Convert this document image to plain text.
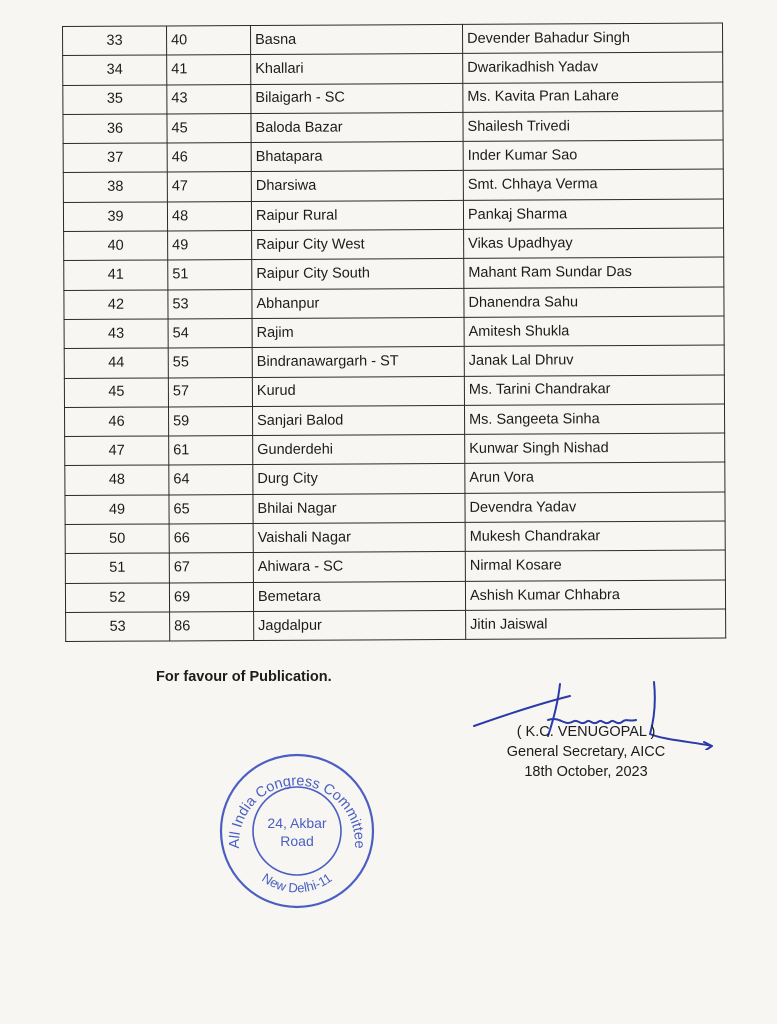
33	40	Basna	Devender Bahadur Singh
34	41	Khallari	Dwarikadhish Yadav
35	43	Bilaigarh - SC	Ms. Kavita Pran Lahare
36	45	Baloda Bazar	Shailesh Trivedi
37	46	Bhatapara	Inder Kumar Sao
38	47	Dharsiwa	Smt. Chhaya Verma
39	48	Raipur Rural	Pankaj Sharma
40	49	Raipur City West	Vikas Upadhyay
41	51	Raipur City South	Mahant Ram Sundar Das
42	53	Abhanpur	Dhanendra Sahu
43	54	Rajim	Amitesh Shukla
44	55	Bindranawargarh - ST	Janak Lal Dhruv
45	57	Kurud	Ms. Tarini Chandrakar
46	59	Sanjari Balod	Ms. Sangeeta Sinha
47	61	Gunderdehi	Kunwar Singh Nishad
48	64	Durg City	Arun Vora
49	65	Bhilai Nagar	Devendra Yadav
50	66	Vaishali Nagar	Mukesh Chandrakar
51	67	Ahiwara - SC	Nirmal Kosare
52	69	Bemetara	Ashish Kumar Chhabra
53	86	Jagdalpur	Jitin Jaiswal
For favour of Publication.
( K.C. VENUGOPAL )
General Secretary, AICC
18th October, 2023
All India Congress Committee
New Delhi-11
24, Akbar
Road
